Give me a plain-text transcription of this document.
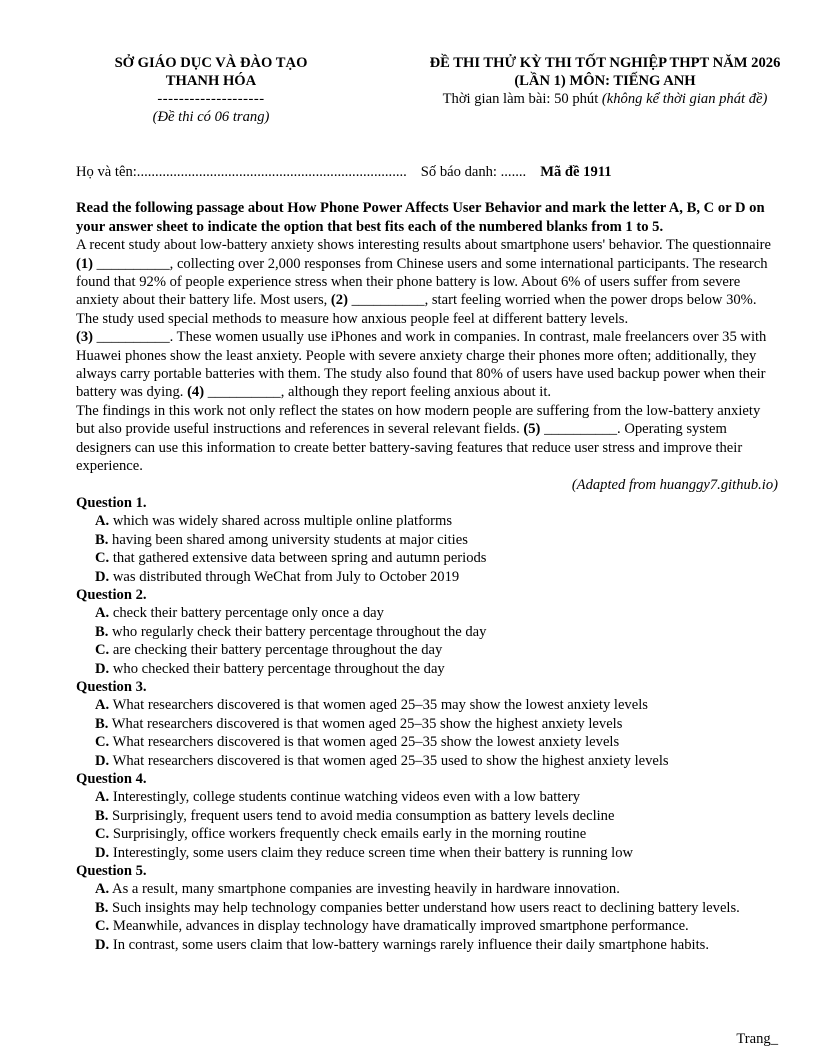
SỞ GIÁO DỤC VÀ ĐÀO TẠO
THANH HÓA
--------------------
(Đề thi có 06 trang)
ĐỀ THI THỬ KỲ THI TỐT NGHIỆP THPT NĂM 2026
(LẦN 1) MÔN: TIẾNG ANH
Thời gian làm bài: 50 phút (không kể thời gian phát đề)
Họ và tên: .......................................................................... Số báo danh: ....... Mã đề 1911
Read the following passage about How Phone Power Affects User Behavior and mark the letter A, B, C or D on your answer sheet to indicate the option that best fits each of the numbered blanks from 1 to 5.

A recent study about low-battery anxiety shows interesting results about smartphone users' behavior. The questionnaire (1) __________, collecting over 2,000 responses from Chinese users and some international participants. The research found that 92% of people experience stress when their phone battery is low. About 6% of users suffer from severe anxiety about their battery life. Most users, (2) __________, start feeling worried when the power drops below 30%. The study used special methods to measure how anxious people feel at different battery levels.

(3) __________. These women usually use iPhones and work in companies. In contrast, male freelancers over 35 with Huawei phones show the least anxiety. People with severe anxiety charge their phones more often; additionally, they always carry portable batteries with them. The study also found that 80% of users have used backup power when their battery was dying. (4) __________, although they report feeling anxious about it.

The findings in this work not only reflect the states on how modern people are suffering from the low-battery anxiety but also provide useful instructions and references in several relevant fields. (5) __________. Operating system designers can use this information to create better battery-saving features that reduce user stress and improve their experience.

(Adapted from huanggy7.github.io)
Question 1.
A. which was widely shared across multiple online platforms
B. having been shared among university students at major cities
C. that gathered extensive data between spring and autumn periods
D. was distributed through WeChat from July to October 2019
Question 2.
A. check their battery percentage only once a day
B. who regularly check their battery percentage throughout the day
C. are checking their battery percentage throughout the day
D. who checked their battery percentage throughout the day
Question 3.
A. What researchers discovered is that women aged 25–35 may show the lowest anxiety levels
B. What researchers discovered is that women aged 25–35 show the highest anxiety levels
C. What researchers discovered is that women aged 25–35 show the lowest anxiety levels
D. What researchers discovered is that women aged 25–35 used to show the highest anxiety levels
Question 4.
A. Interestingly, college students continue watching videos even with a low battery
B. Surprisingly, frequent users tend to avoid media consumption as battery levels decline
C. Surprisingly, office workers frequently check emails early in the morning routine
D. Interestingly, some users claim they reduce screen time when their battery is running low
Question 5.
A. As a result, many smartphone companies are investing heavily in hardware innovation.
B. Such insights may help technology companies better understand how users react to declining battery levels.
C. Meanwhile, advances in display technology have dramatically improved smartphone performance.
D. In contrast, some users claim that low-battery warnings rarely influence their daily smartphone habits.
Trang_
